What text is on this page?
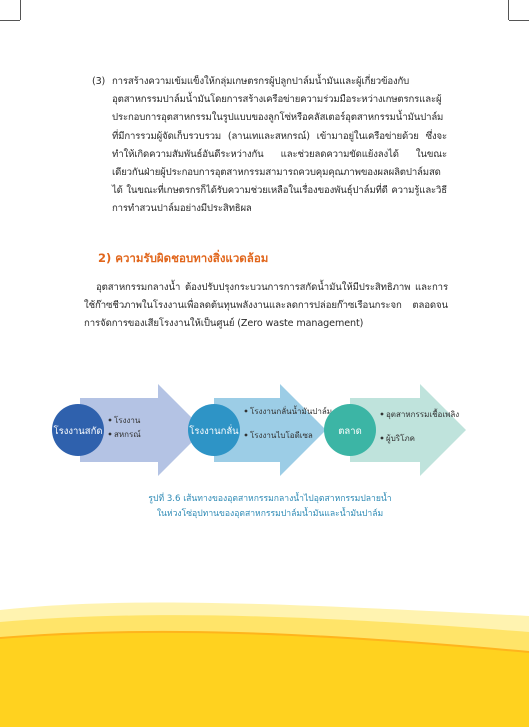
(3) การสร้างความเข้มแข็งให้กลุ่มเกษตรกรผู้ปลูกปาล์มน้ำมันและผู้เกี่ยวข้องกับอุตสาหกรรมปาล์มน้ำมันโดยการสร้างเครือข่ายความร่วมมือระหว่างเกษตรกรและผู้ประกอบการอุตสาหกรรมในรูปแบบของลูกโซ่หรือคลัสเตอร์อุตสาหกรรมน้ำมันปาล์ม ที่มีการรวมผู้จัดเก็บรวบรวม (ลานเทและสหกรณ์) เข้ามาอยู่ในเครือข่ายด้วย ซึ่งจะทำให้เกิดความสัมพันธ์อันดีระหว่างกัน และช่วยลดความขัดแย้งลงได้ ในขณะเดียวกันฝ่ายผู้ประกอบการอุตสาหกรรมสามารถควบคุมคุณภาพของผลผลิตปาล์มสดได้ ในขณะที่เกษตรกรก็ได้รับความช่วยเหลือในเรื่องของพันธุ์ปาล์มที่ดี ความรู้และวิธีการทำสวนปาล์มอย่างมีประสิทธิผล
2) ความรับผิดชอบทางสิ่งแวดล้อม
อุตสาหกรรมกลางน้ำ ต้องปรับปรุงกระบวนการการสกัดน้ำมันให้มีประสิทธิภาพ และการใช้ก๊าซชีวภาพในโรงงานเพื่อลดต้นทุนพลังงานและลดการปล่อยก๊าซเรือนกระจก ตลอดจนการจัดการของเสียโรงงานให้เป็นศูนย์ (Zero waste management)
โรงงานสกัด
โรงงาน
สหกรณ์	โรงงานกลั่น
โรงงานกลั่นน้ำมันปาล์ม
โรงงานไบโอดีเซล	ตลาด
อุตสาหกรรมเชื้อเพลิง
ผู้บริโภค
รูปที่ 3.6 เส้นทางของอุตสาหกรรมกลางน้ำไปอุตสาหกรรมปลายน้ำ
ในห่วงโซ่อุปทานของอุตสาหกรรมปาล์มน้ำมันและน้ำมันปาล์ม
